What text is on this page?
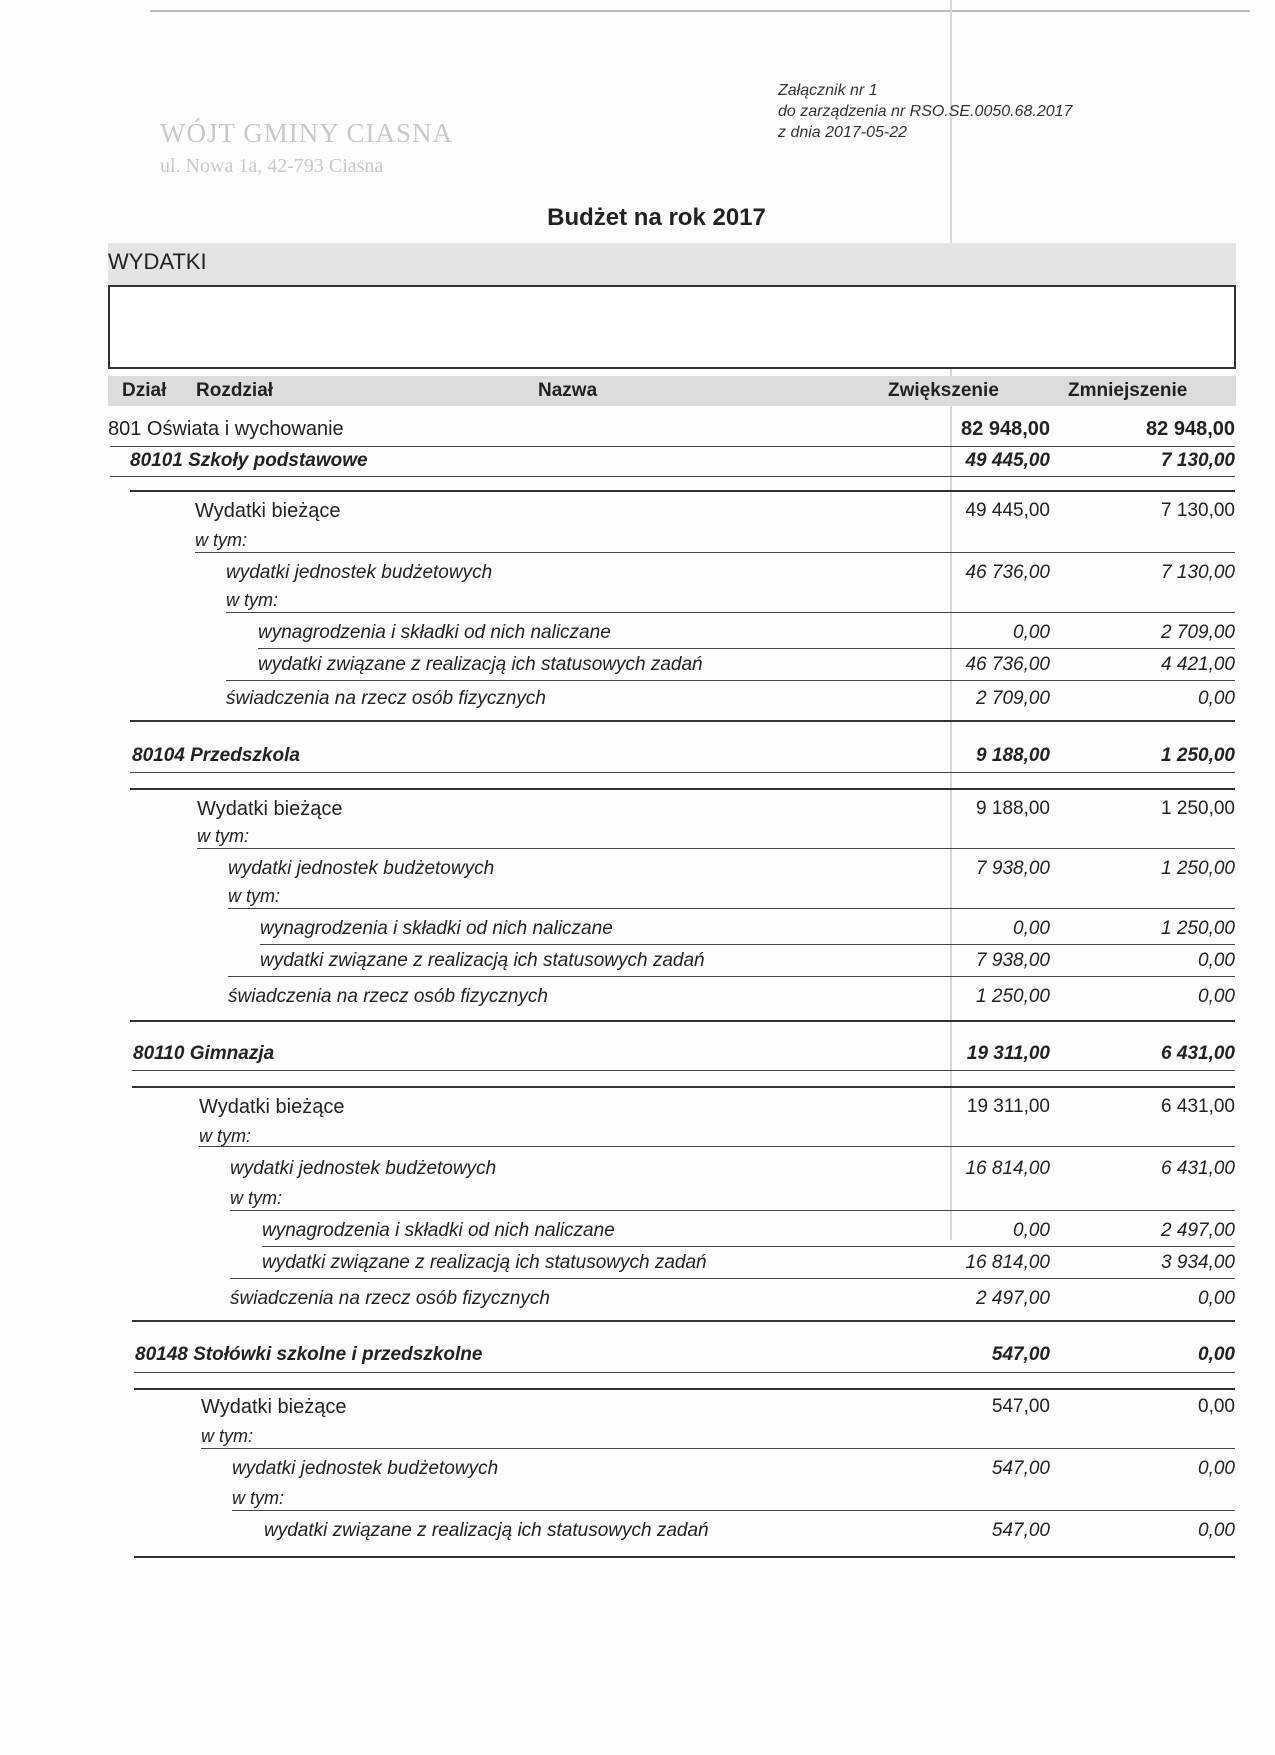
WÓJT GMINY CIASNA
ul. Nowa 1a, 42-793 Ciasna
Załącznik nr 1
do zarządzenia nr RSO.SE.0050.68.2017
z dnia 2017-05-22
Budżet na rok 2017
WYDATKI
Dział Rozdział	Nazwa	Zwiększenie	Zmniejszenie
801 Oświata i wychowanie	82 948,00	82 948,00
80101 Szkoły podstawowe	49 445,00	7 130,00
Wydatki bieżące	49 445,00	7 130,00
w tym:
wydatki jednostek budżetowych	46 736,00	7 130,00
w tym:
wynagrodzenia i składki od nich naliczane	0,00	2 709,00
wydatki związane z realizacją ich statusowych zadań	46 736,00	4 421,00
świadczenia na rzecz osób fizycznych	2 709,00	0,00
80104 Przedszkola	9 188,00	1 250,00
Wydatki bieżące	9 188,00	1 250,00
w tym:
wydatki jednostek budżetowych	7 938,00	1 250,00
w tym:
wynagrodzenia i składki od nich naliczane	0,00	1 250,00
wydatki związane z realizacją ich statusowych zadań	7 938,00	0,00
świadczenia na rzecz osób fizycznych	1 250,00	0,00
80110 Gimnazja	19 311,00	6 431,00
Wydatki bieżące	19 311,00	6 431,00
w tym:
wydatki jednostek budżetowych	16 814,00	6 431,00
w tym:
wynagrodzenia i składki od nich naliczane	0,00	2 497,00
wydatki związane z realizacją ich statusowych zadań	16 814,00	3 934,00
świadczenia na rzecz osób fizycznych	2 497,00	0,00
80148 Stołówki szkolne i przedszkolne	547,00	0,00
Wydatki bieżące	547,00	0,00
w tym:
wydatki jednostek budżetowych	547,00	0,00
w tym:
wydatki związane z realizacją ich statusowych zadań	547,00	0,00
